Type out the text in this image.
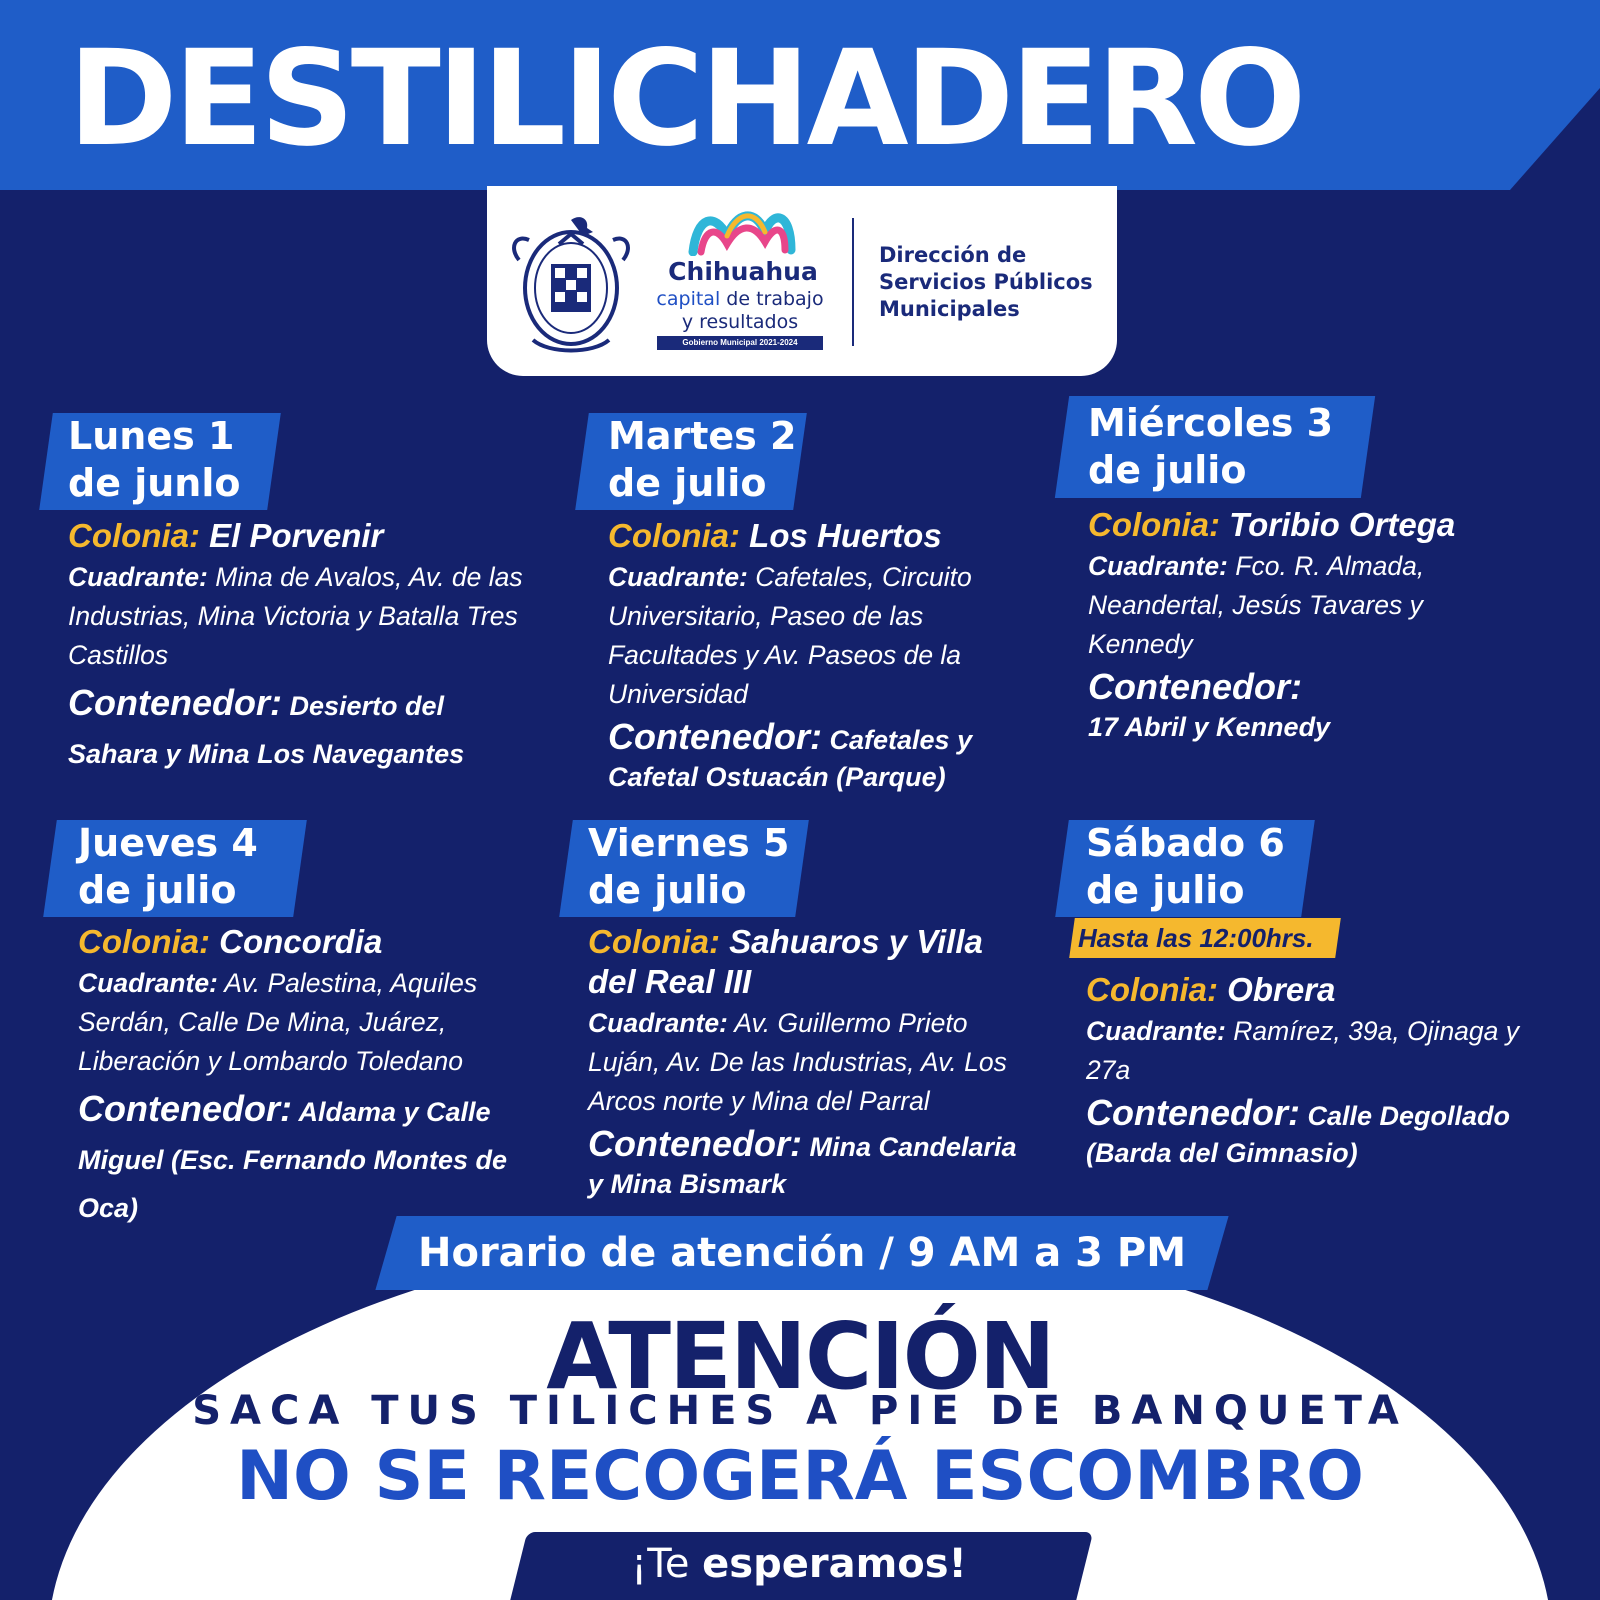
DESTILICHADERO
Chihuahua
capital de trabajo
y resultados
Gobierno Municipal 2021-2024
Dirección de
Servicios Públicos
Municipales
Lunes 1
de junlo

Colonia: El Porvenir

Cuadrante: Mina de Avalos, Av. de las Industrias, Mina Victoria y Batalla Tres Castillos

Contenedor: Desierto del Sahara y Mina Los Navegantes

Martes 2
de julio

Colonia: Los Huertos

Cuadrante: Cafetales, Circuito Universitario, Paseo de las Facultades y Av. Paseos de la Universidad

Contenedor: Cafetales y Cafetal Ostuacán (Parque)

Miércoles 3
de julio

Colonia: Toribio Ortega

Cuadrante: Fco. R. Almada, Neandertal, Jesús Tavares y Kennedy

Contenedor:
17 Abril y Kennedy

Jueves 4
de julio

Colonia: Concordia

Cuadrante: Av. Palestina, Aquiles Serdán, Calle De Mina, Juárez, Liberación y Lombardo Toledano

Contenedor: Aldama y Calle Miguel (Esc. Fernando Montes de Oca)

Viernes 5
de julio

Colonia: Sahuaros y Villa del Real III

Cuadrante: Av. Guillermo Prieto Luján, Av. De las Industrias, Av. Los Arcos norte y Mina del Parral

Contenedor: Mina Candelaria y Mina Bismark

Sábado 6
de julio
Hasta las 12:00hrs.

Colonia: Obrera

Cuadrante: Ramírez, 39a, Ojinaga y 27a

Contenedor: Calle Degollado (Barda del Gimnasio)

Horario de atención / 9 AM a 3 PM
ATENCIÓN
SACA TUS TILICHES A PIE DE BANQUETA
NO SE RECOGERÁ ESCOMBRO
¡Te esperamos!
